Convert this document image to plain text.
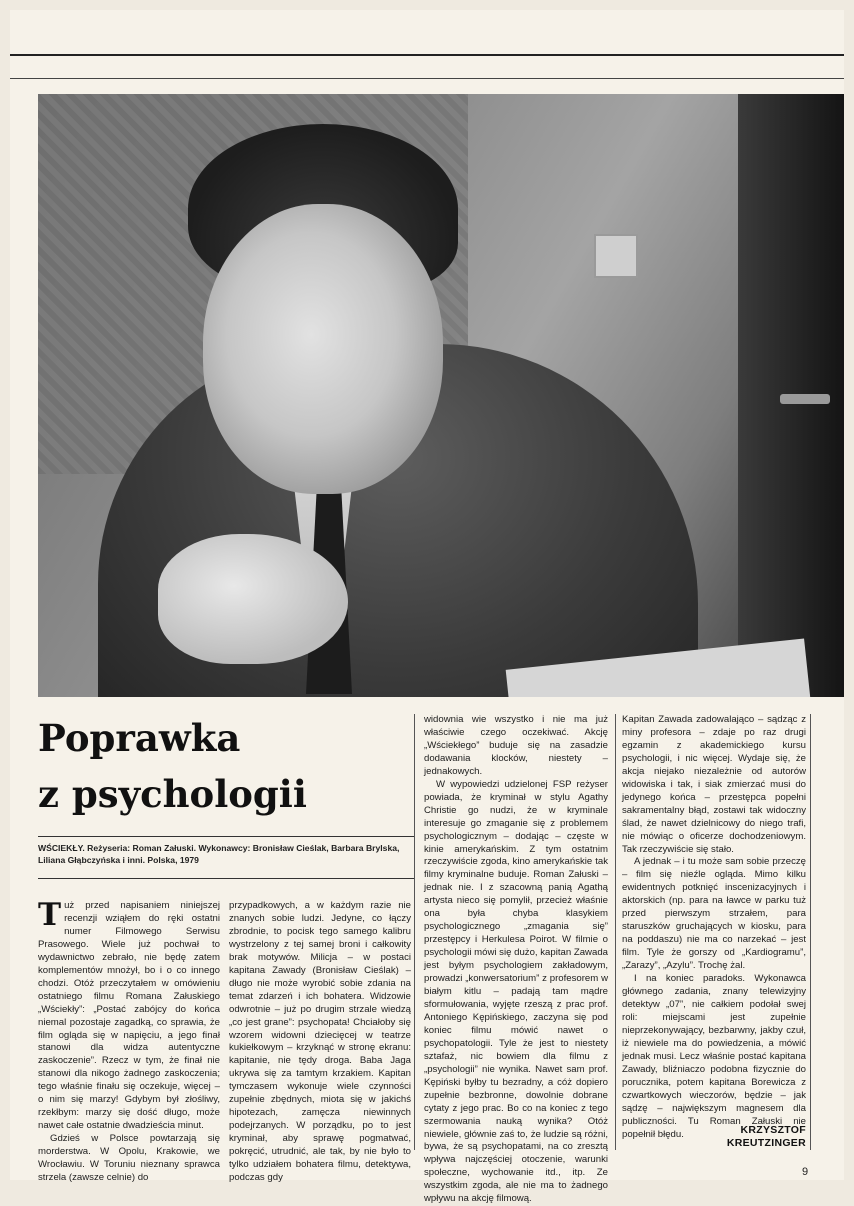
Poprawka
z psychologii

WŚCIEKŁY. Reżyseria: Roman Załuski. Wykonawcy: Bronisław Cieślak, Barbara Brylska, Liliana Głąbczyńska i inni. Polska, 1979

Tuż przed napisaniem niniejszej recenzji wziąłem do ręki ostatni numer Filmowego Serwisu Prasowego. Wiele już pochwał to wydawnictwo zebrało, nie będę zatem komplementów mnożył, bo i o co innego chodzi. Otóż przeczytałem w omówieniu ostatniego filmu Romana Załuskiego „Wściekły”: „Postać zabójcy do końca niemal pozostaje zagadką, co sprawia, że film ogląda się w napięciu, a jego finał stanowi dla widza autentyczne zaskoczenie”. Rzecz w tym, że finał nie stanowi dla nikogo żadnego zaskoczenia; tego właśnie finału się oczekuje, więcej – o nim się marzy! Gdybym był złośliwy, rzekłbym: marzy się dość długo, może nawet całe ostatnie dwadzieścia minut.

Gdzieś w Polsce powtarzają się morderstwa. W Opolu, Krakowie, we Wrocławiu. W Toruniu nieznany sprawca strzela (zawsze celnie) do

przypadkowych, a w każdym razie nie znanych sobie ludzi. Jedyne, co łączy zbrodnie, to pocisk tego samego kalibru wystrzelony z tej samej broni i całkowity brak motywów. Milicja – w postaci kapitana Zawady (Bronisław Cieślak) – długo nie może wyrobić sobie zdania na temat zdarzeń i ich bohatera. Widzowie odwrotnie – już po drugim strzale wiedzą „co jest grane”: psychopata! Chciałoby się wzorem widowni dziecięcej w teatrze kukiełkowym – krzyknąć w stronę ekranu: kapitanie, nie tędy droga. Baba Jaga ukrywa się za tamtym krzakiem. Kapitan tymczasem wykonuje wiele czynności zupełnie zbędnych, miota się w jakichś hipotezach, zamęcza niewinnych podejrzanych. W porządku, po to jest kryminał, aby sprawę pogmatwać, pokręcić, utrudnić, ale tak, by nie było to tylko udziałem bohatera filmu, detektywa, podczas gdy

widownia wie wszystko i nie ma już właściwie czego oczekiwać. Akcję „Wściekłego” buduje się na zasadzie dodawania klocków, niestety – jednakowych.

W wypowiedzi udzielonej FSP reżyser powiada, że kryminał w stylu Agathy Christie go nudzi, że w kryminale interesuje go zmaganie się z problemem psychologicznym – dodając – częste w kinie amerykańskim. Z tym ostatnim rzeczywiście zgoda, kino amerykańskie tak filmy kryminalne buduje. Roman Załuski – jednak nie. I z szacowną panią Agathą artysta nieco się pomylił, przecież właśnie ona była chyba klasykiem psychologicznego „zmagania się” przestępcy i Herkulesa Poirot. W filmie o psychologii mówi się dużo, kapitan Zawada jest byłym psychologiem zakładowym, prowadzi „konwersatorium” z profesorem w białym kitlu – padają tam mądre sformułowania, wyjęte rzeszą z prac prof. Antoniego Kępińskiego, zaczyna się pod koniec filmu mówić nawet o psychopatologii. Tyle że jest to niestety sztafaż, nic bowiem dla filmu z „psychologii” nie wynika. Nawet sam prof. Kępiński byłby tu bezradny, a cóż dopiero zupełnie bezbronne, dowolnie dobrane cytaty z jego prac. Bo co na koniec z tego szermowania nauką wynika? Otóż niewiele, głównie zaś to, że ludzie są różni, bywa, że są psychopatami, na co zresztą wpływa najczęściej otoczenie, warunki społeczne, wychowanie itd., itp. Ze wszystkim zgoda, ale nie ma to żadnego wpływu na akcję filmową.

Kapitan Zawada zadowalająco – sądząc z miny profesora – zdaje po raz drugi egzamin z akademickiego kursu psychologii, i nic więcej. Wydaje się, że akcja niejako niezależnie od autorów widowiska i tak, i siak zmierzać musi do jedynego końca – przestępca popełni sakramentalny błąd, zostawi tak widoczny ślad, że nawet dzielnicowy do niego trafi, nie mówiąc o oficerze dochodzeniowym. Tak rzeczywiście się stało.

A jednak – i tu może sam sobie przeczę – film się nieźle ogląda. Mimo kilku ewidentnych potknięć inscenizacyjnych i aktorskich (np. para na ławce w parku tuż przed pierwszym strzałem, para staruszków gruchających w kiosku, para na poddaszu) nie ma co narzekać – jest film. Tyle że gorszy od „Kardiogramu”, „Zarazy”, „Azylu”. Trochę żal.

I na koniec paradoks. Wykonawca głównego zadania, znany telewizyjny detektyw „07”, nie całkiem podołał swej roli: miejscami jest zupełnie nieprzekonywający, bezbarwny, jakby czuł, iż niewiele ma do powiedzenia, a mówić jednak musi. Lecz właśnie postać kapitana Zawady, bliźniaczo podobna fizycznie do porucznika, potem kapitana Borewicza z czwartkowych wieczorów, będzie – jak sądzę – największym magnesem dla publiczności. Tu Roman Załuski nie popełnił błędu.	KRZYSZTOF
KREUTZINGER
9
